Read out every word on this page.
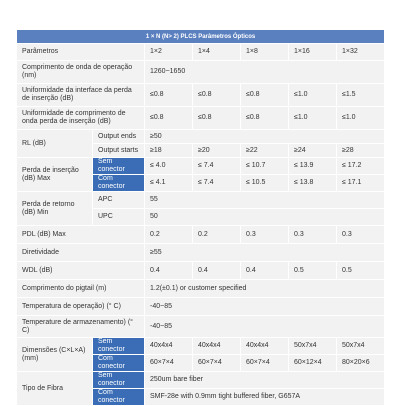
1 × N (N> 2) PLCS Parâmetros Ópticos						
Parâmetros		1×2	1×4	1×8	1×16	1×32
Comprimento de onda de operação (nm)		1260~1650				
Uniformidade da interface da perda de inserção (dB)		≤0.8	≤0.8	≤0.8	≤1.0	≤1.5
Uniformidade de comprimento de onda perda de inserção (dB)		≤0.8	≤0.8	≤0.8	≤1.0	≤1.0
RL (dB)	Output ends	≥50				
	Output starts	≥18	≥20	≥22	≥24	≥28
Perda de inserção (dB) Max	Sem conector	≤ 4.0	≤ 7.4	≤ 10.7	≤ 13.9	≤ 17.2
	Com conector	≤ 4.1	≤ 7.4	≤ 10.5	≤ 13.8	≤ 17.1
Perda de retorno (dB) Min	APC	55				
	UPC	50				
PDL (dB) Max		0.2	0.2	0.3	0.3	0.3
Diretividade		≥55				
WDL (dB)		0.4	0.4	0.4	0.5	0.5
Comprimento do pigtail (m)		1.2(±0.1) or customer specified				
Temperatura de operação) (° C)		-40~85				
Temperature de armazenamento) (° C)		-40~85				
Dimensões (C×L×A) (mm)	Sem conector	40x4x4	40x4x4	40x4x4	50x7x4	50x7x4
	Com conector	60×7×4	60×7×4	60×7×4	60×12×4	80×20×6
Tipo de Fibra	Sem conector	250um bare fiber				
	Com conector	SMF-28e with 0.9mm tight buffered fiber, G657A				
